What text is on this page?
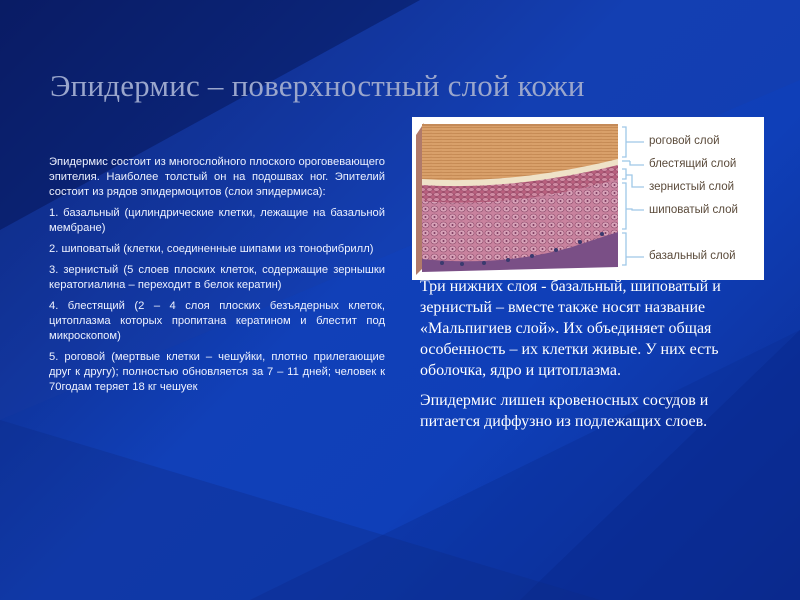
Эпидермис – поверхностный слой кожи

Эпидермис состоит из многослойного плоского ороговевающего эпителия. Наиболее толстый он на подошвах ног. Эпителий состоит из рядов эпидермоцитов (слои эпидермиса):

1. базальный (цилиндрические клетки, лежащие на базальной мембране)

2. шиповатый (клетки, соединенные шипами из тонофибрилл)

3. зернистый (5 слоев плоских клеток, содержащие зернышки кератогиалина – переходит в белок кератин)

4. блестящий (2 – 4 слоя плоских безъядерных клеток, цитоплазма которых пропитана кератином и блестит под микроскопом)

5. роговой (мертвые клетки – чешуйки, плотно прилегающие друг к другу); полностью обновляется за 7 – 11 дней; человек к 70годам теряет 18 кг чешуек

роговой слой
блестящий слой
зернистый слой
шиповатый слой
базальный слой

Три нижних слоя - базальный, шиповатый и зернистый – вместе также носят название «Мальпигиев слой». Их объединяет общая особенность – их клетки живые. У них есть оболочка, ядро и цитоплазма.

Эпидермис лишен кровеносных сосудов и питается диффузно из подлежащих слоев.
